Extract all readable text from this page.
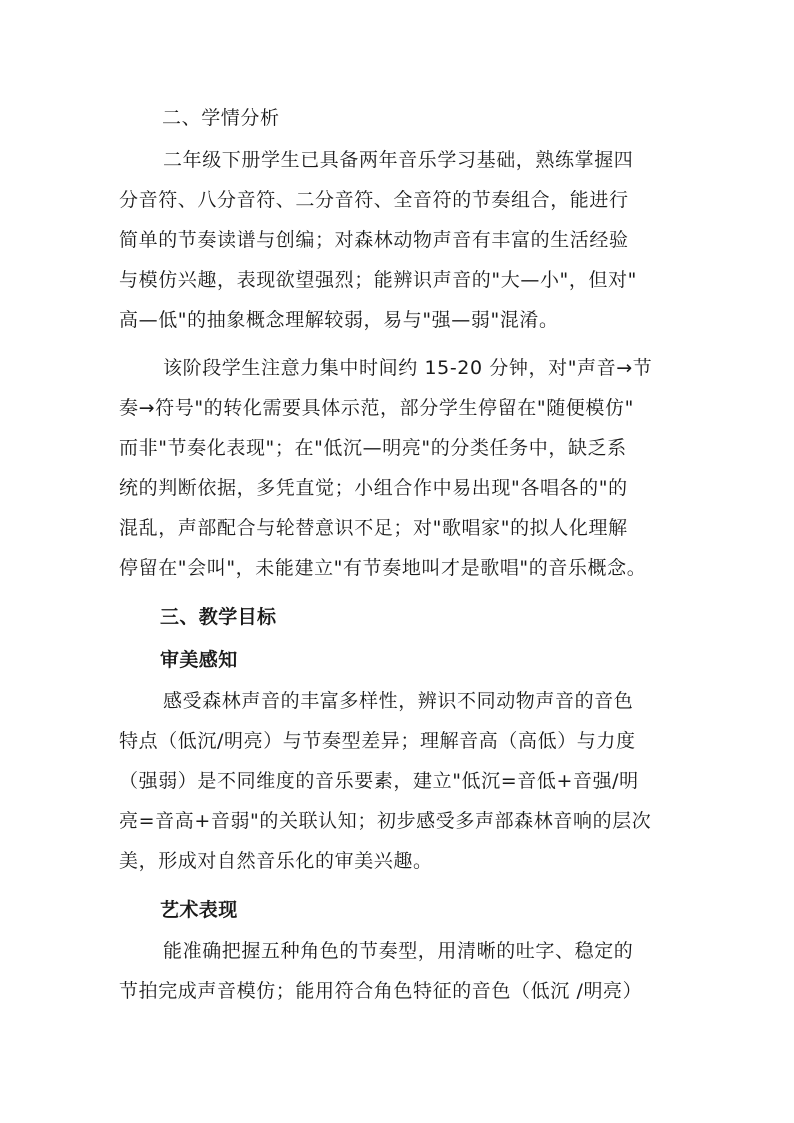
二、学情分析
二年级下册学生已具备两年音乐学习基础，熟练掌握四
分音符、八分音符、二分音符、全音符的节奏组合，能进行
简单的节奏读谱与创编；对森林动物声音有丰富的生活经验
与模仿兴趣，表现欲望强烈；能辨识声音的"大—小"，但对"
高—低"的抽象概念理解较弱，易与"强—弱"混淆。
该阶段学生注意力集中时间约 15-20 分钟，对"声音→节
奏→符号"的转化需要具体示范，部分学生停留在"随便模仿"
而非"节奏化表现"；在"低沉—明亮"的分类任务中，缺乏系
统的判断依据，多凭直觉；小组合作中易出现"各唱各的"的
混乱，声部配合与轮替意识不足；对"歌唱家"的拟人化理解
停留在"会叫"，未能建立"有节奏地叫才是歌唱"的音乐概念。
三、教学目标
审美感知
感受森林声音的丰富多样性，辨识不同动物声音的音色
特点（低沉/明亮）与节奏型差异；理解音高（高低）与力度
（强弱）是不同维度的音乐要素，建立"低沉=音低+音强/明
亮=音高+音弱"的关联认知；初步感受多声部森林音响的层次
美，形成对自然音乐化的审美兴趣。
艺术表现
能准确把握五种角色的节奏型，用清晰的吐字、稳定的
节拍完成声音模仿；能用符合角色特征的音色（低沉 /明亮）
